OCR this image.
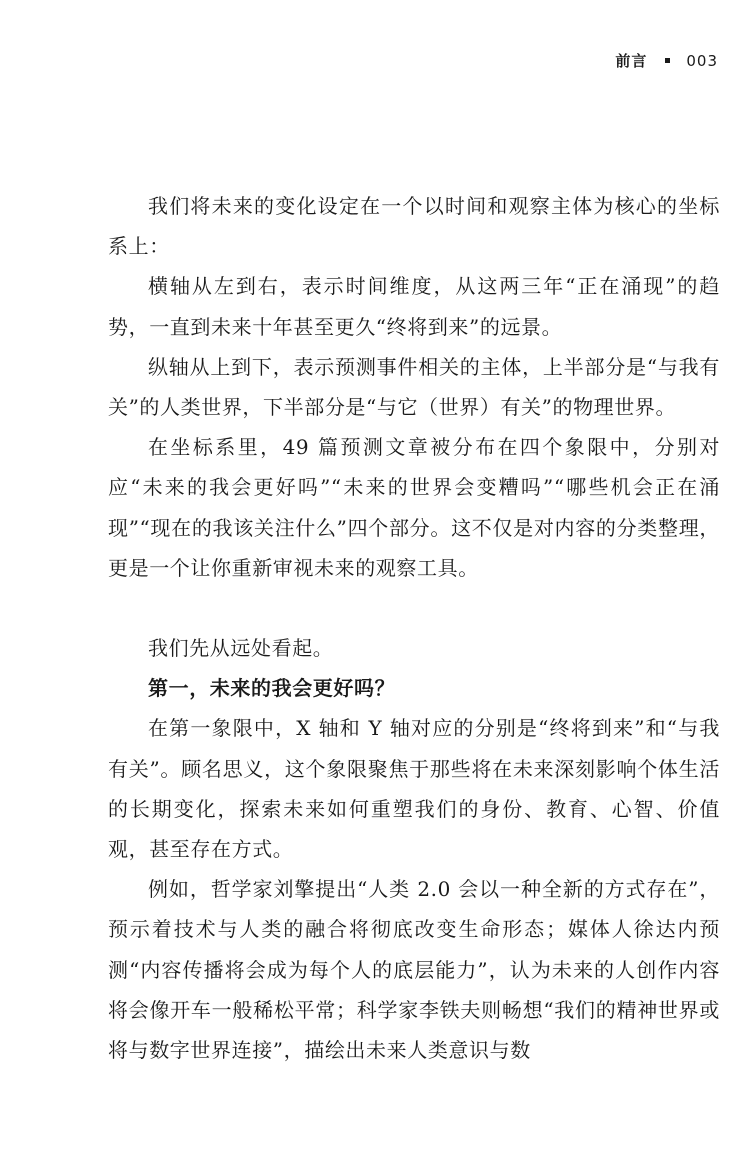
前言	003

我们将未来的变化设定在一个以时间和观察主体为核心的坐标系上：

横轴从左到右，表示时间维度，从这两三年“正在涌现”的趋势，一直到未来十年甚至更久“终将到来”的远景。

纵轴从上到下，表示预测事件相关的主体，上半部分是“与我有关”的人类世界，下半部分是“与它（世界）有关”的物理世界。

在坐标系里，49 篇预测文章被分布在四个象限中，分别对应“未来的我会更好吗”“未来的世界会变糟吗”“哪些机会正在涌现”“现在的我该关注什么”四个部分。这不仅是对内容的分类整理，更是一个让你重新审视未来的观察工具。

我们先从远处看起。

第一，未来的我会更好吗？

在第一象限中，X 轴和 Y 轴对应的分别是“终将到来”和“与我有关”。顾名思义，这个象限聚焦于那些将在未来深刻影响个体生活的长期变化，探索未来如何重塑我们的身份、教育、心智、价值观，甚至存在方式。

例如，哲学家刘擎提出“人类 2.0 会以一种全新的方式存在”，预示着技术与人类的融合将彻底改变生命形态；媒体人徐达内预测“内容传播将会成为每个人的底层能力”，认为未来的人创作内容将会像开车一般稀松平常；科学家李铁夫则畅想“我们的精神世界或将与数字世界连接”，描绘出未来人类意识与数
